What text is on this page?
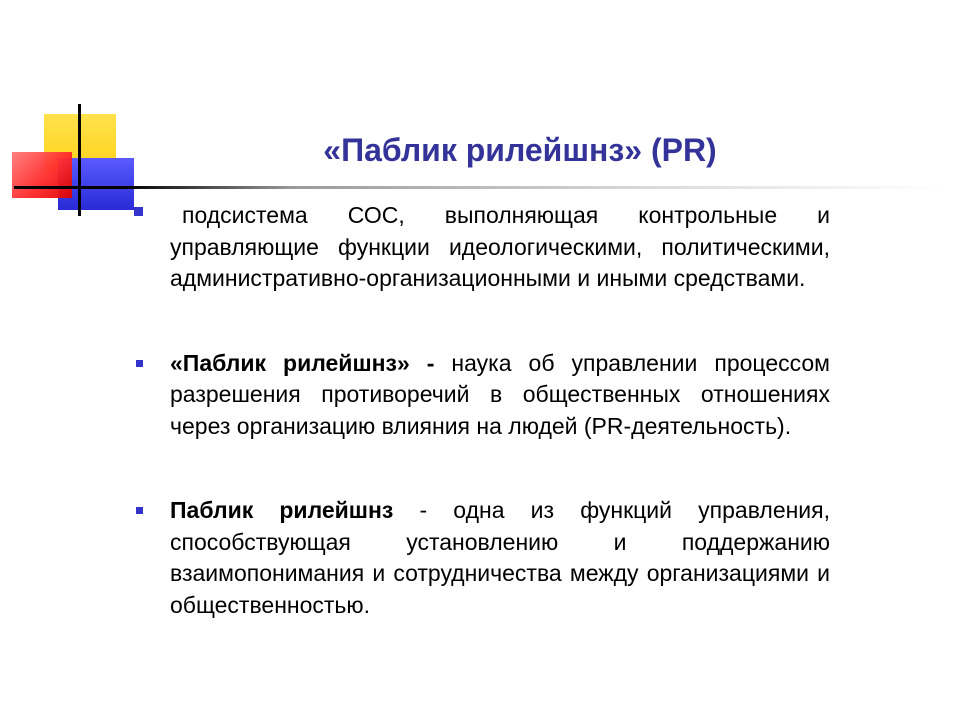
«Паблик рилейшнз» (PR)
подсистема СОС, выполняющая контрольные и управляющие функции идеологическими, политическими, административно-организационными и иными средствами.
«Паблик рилейшнз» - наука об управлении процессом разрешения противоречий в общественных отношениях через организацию влияния на людей (PR-деятельность).
Паблик рилейшнз - одна из функций управления, способствующая установлению и поддержанию взаимопонимания и сотрудничества между организациями и общественностью.
